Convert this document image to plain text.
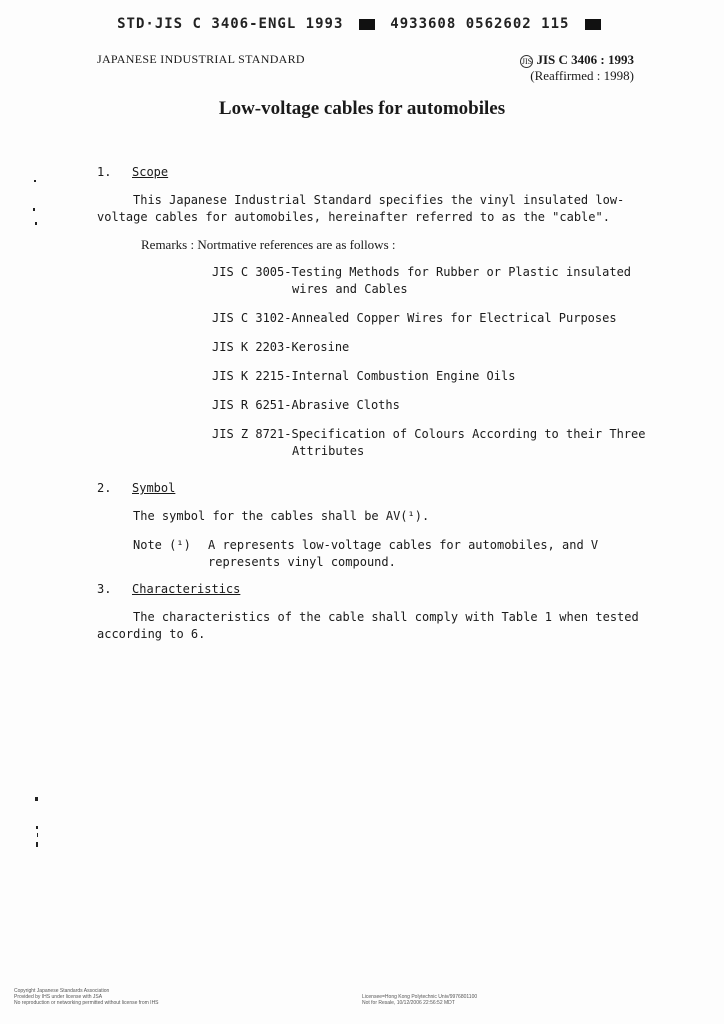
STD·JIS C 3406-ENGL 1993	4933608 0562602 115
JAPANESE INDUSTRIAL STANDARD	JIS JIS C 3406 : 1993
(Reaffirmed : 1998)
Low-voltage cables for automobiles
1. Scope
This Japanese Industrial Standard specifies the vinyl insulated low-
voltage cables for automobiles, hereinafter referred to as the "cable".
Remarks : Nortmative references are as follows :
JIS C 3005-Testing Methods for Rubber or Plastic insulated
wires and Cables
JIS C 3102-Annealed Copper Wires for Electrical Purposes
JIS K 2203-Kerosine
JIS K 2215-Internal Combustion Engine Oils
JIS R 6251-Abrasive Cloths
JIS Z 8721-Specification of Colours According to their Three
Attributes
2. Symbol
The symbol for the cables shall be AV(¹).
Note (¹) A represents low-voltage cables for automobiles, and V
represents vinyl compound.
3. Characteristics
The characteristics of the cable shall comply with Table 1 when tested
according to 6.
Copyright Japanese Standards Association
Provided by IHS under license with JSA
No reproduction or networking permitted without license from IHS
Licensee=Hong Kong Polytechnic Univ/9976801100
Not for Resale, 10/12/2006 22:56:52 MDT
